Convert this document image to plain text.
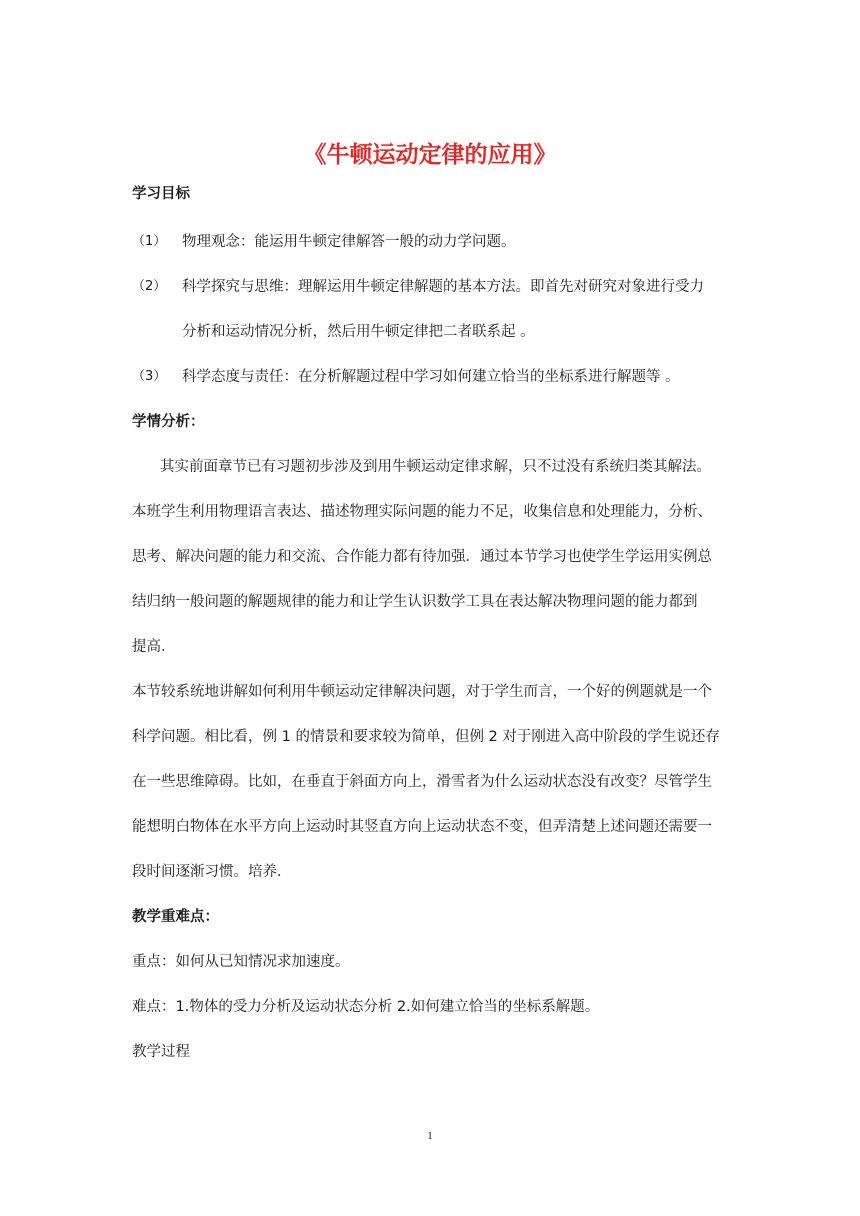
《牛顿运动定律的应用》
学习目标
（1） 物理观念：能运用牛顿定律解答一般的动力学问题。
（2） 科学探究与思维：理解运用牛顿定律解题的基本方法。即首先对研究对象进行受力
分析和运动情况分析，然后用牛顿定律把二者联系起 。
（3） 科学态度与责任：在分析解题过程中学习如何建立恰当的坐标系进行解题等 。
学情分析：
其实前面章节已有习题初步涉及到用牛顿运动定律求解，只不过没有系统归类其解法。
本班学生利用物理语言表达、描述物理实际问题的能力不足，收集信息和处理能力，分析、
思考、解决问题的能力和交流、合作能力都有待加强．通过本节学习也使学生学运用实例总
结归纳一般问题的解题规律的能力和让学生认识数学工具在表达解决物理问题的能力都到
提高．
本节较系统地讲解如何利用牛顿运动定律解决问题，对于学生而言，一个好的例题就是一个
科学问题。相比看，例 1 的情景和要求较为简单，但例 2 对于刚进入高中阶段的学生说还存
在一些思维障碍。比如，在垂直于斜面方向上，滑雪者为什么运动状态没有改变？尽管学生
能想明白物体在水平方向上运动时其竖直方向上运动状态不变，但弄清楚上述问题还需要一
段时间逐渐习惯。培养．
教学重难点：
重点：如何从已知情况求加速度。
难点：1.物体的受力分析及运动状态分析 2.如何建立恰当的坐标系解题。
教学过程
1
